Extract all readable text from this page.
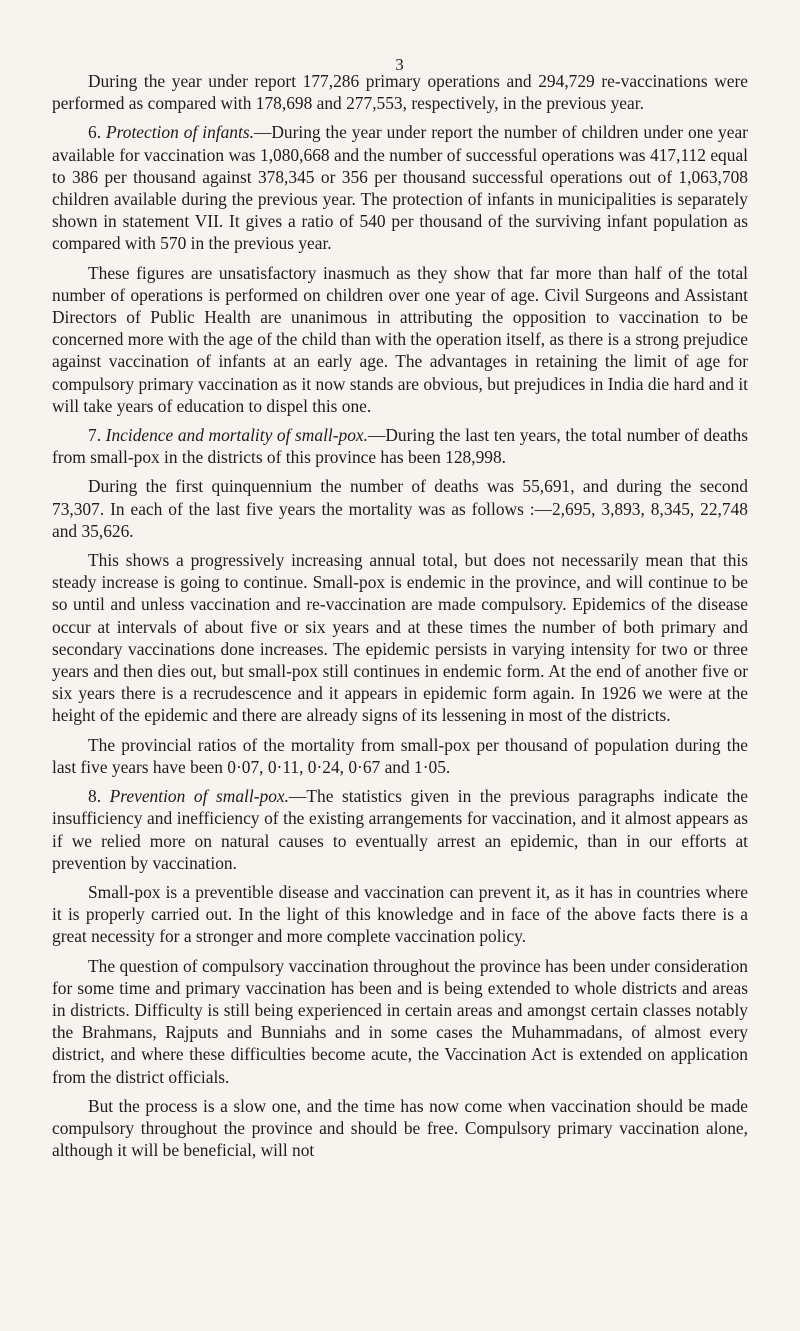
3

During the year under report 177,286 primary operations and 294,729 re-vaccinations were performed as compared with 178,698 and 277,553, respectively, in the previous year.

6. Protection of infants.—During the year under report the number of children under one year available for vaccination was 1,080,668 and the number of successful operations was 417,112 equal to 386 per thousand against 378,345 or 356 per thousand successful operations out of 1,063,708 children available during the previous year. The protection of infants in municipalities is separately shown in statement VII. It gives a ratio of 540 per thousand of the surviving infant population as compared with 570 in the previous year.

These figures are unsatisfactory inasmuch as they show that far more than half of the total number of operations is performed on children over one year of age. Civil Surgeons and Assistant Directors of Public Health are unanimous in attributing the opposition to vaccination to be concerned more with the age of the child than with the operation itself, as there is a strong prejudice against vaccination of infants at an early age. The advantages in retaining the limit of age for compulsory primary vaccination as it now stands are obvious, but prejudices in India die hard and it will take years of education to dispel this one.

7. Incidence and mortality of small-pox.—During the last ten years, the total number of deaths from small-pox in the districts of this province has been 128,998.

During the first quinquennium the number of deaths was 55,691, and during the second 73,307. In each of the last five years the mortality was as follows :—2,695, 3,893, 8,345, 22,748 and 35,626.

This shows a progressively increasing annual total, but does not necessarily mean that this steady increase is going to continue. Small-pox is endemic in the province, and will continue to be so until and unless vaccination and re-vaccination are made compulsory. Epidemics of the disease occur at intervals of about five or six years and at these times the number of both primary and secondary vaccinations done increases. The epidemic persists in varying intensity for two or three years and then dies out, but small-pox still continues in endemic form. At the end of another five or six years there is a recrudescence and it appears in epidemic form again. In 1926 we were at the height of the epidemic and there are already signs of its lessening in most of the districts.

The provincial ratios of the mortality from small-pox per thousand of population during the last five years have been 0·07, 0·11, 0·24, 0·67 and 1·05.

8. Prevention of small-pox.—The statistics given in the previous paragraphs indicate the insufficiency and inefficiency of the existing arrangements for vaccination, and it almost appears as if we relied more on natural causes to eventually arrest an epidemic, than in our efforts at prevention by vaccination.

Small-pox is a preventible disease and vaccination can prevent it, as it has in countries where it is properly carried out. In the light of this knowledge and in face of the above facts there is a great necessity for a stronger and more complete vaccination policy.

The question of compulsory vaccination throughout the province has been under consideration for some time and primary vaccination has been and is being extended to whole districts and areas in districts. Difficulty is still being experienced in certain areas and amongst certain classes notably the Brahmans, Rajputs and Bunniahs and in some cases the Muhammadans, of almost every district, and where these difficulties become acute, the Vaccination Act is extended on application from the district officials.

But the process is a slow one, and the time has now come when vaccination should be made compulsory throughout the province and should be free. Compulsory primary vaccination alone, although it will be beneficial, will not
